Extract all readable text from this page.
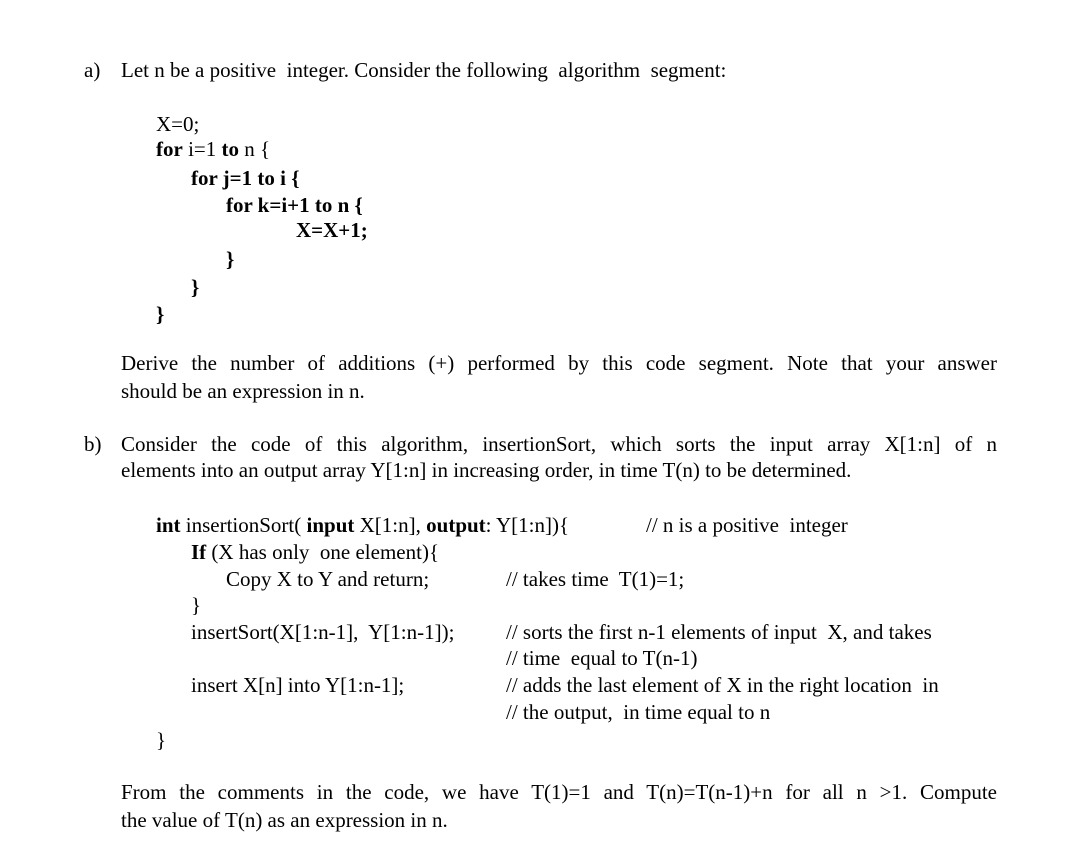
a) Let n be a positive  integer. Consider the following  algorithm  segment:
X=0;
for i=1 to n {
for j=1 to i {
for k=i+1 to n {
X=X+1;
}
}
}
Derive the number of additions (+) performed by this code segment. Note that your answer
should be an expression in n.
b) Consider the code of this algorithm, insertionSort, which sorts the input array X[1:n] of n
elements into an output array Y[1:n] in increasing order, in time T(n) to be determined.
int insertionSort( input X[1:n], output: Y[1:n]){	// n is a positive  integer
If (X has only  one element){
Copy X to Y and return;	// takes time  T(1)=1;
}
insertSort(X[1:n-1],  Y[1:n-1]); // sorts the first n-1 elements of input  X, and takes
// time  equal to T(n-1)
insert X[n] into Y[1:n-1];	// adds the last element of X in the right location  in
// the output,  in time equal to n
}
From the comments in the code, we have T(1)=1 and T(n)=T(n-1)+n for all n >1. Compute
the value of T(n) as an expression in n.
